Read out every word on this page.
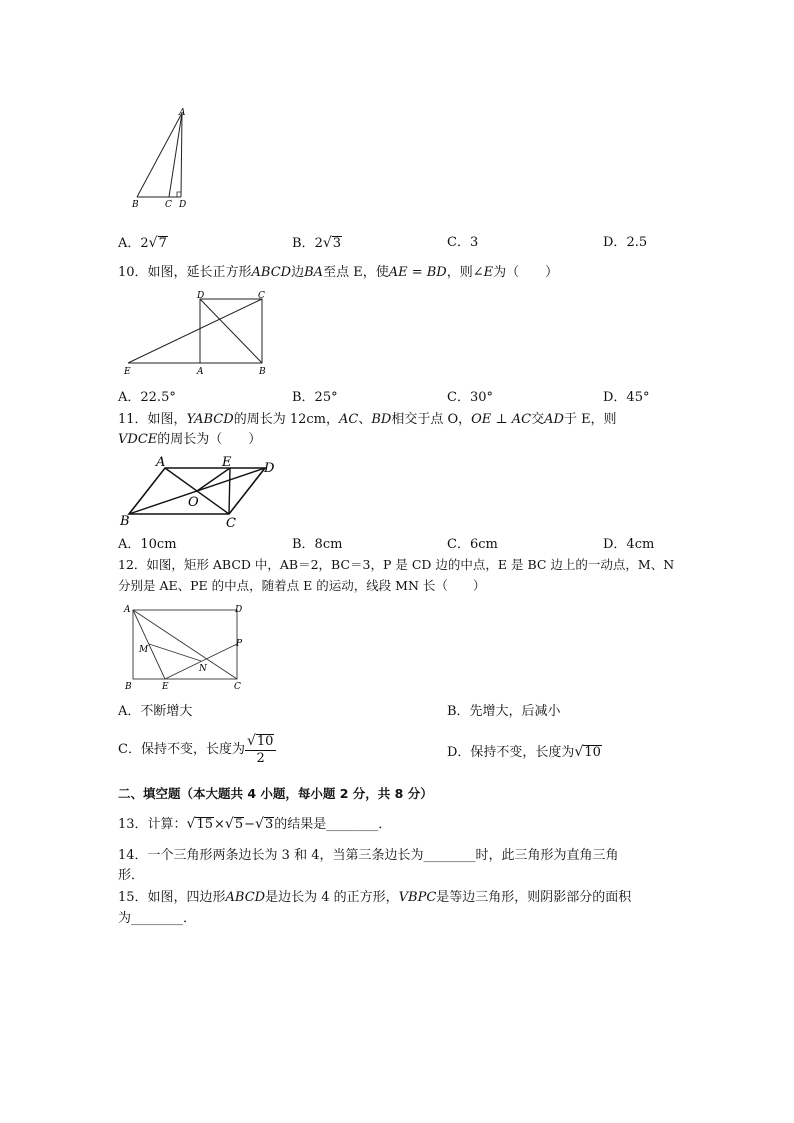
A
B	C D
A．2√7	B．2√3	C．3	D．2.5
10．如图，延长正方形ABCD边BA至点 E，使AE = BD，则∠E为（　　）
D	C
E	A	B
A．22.5°	B．25°	C．30°	D．45°
11．如图，YABCD的周长为 12cm，AC、BD相交于点 O，OE ⊥ AC交AD于 E，则
VDCE的周长为（　　）
A	E	D
O
B	C
A．10cm	B．8cm	C．6cm	D．4cm
12．如图，矩形 ABCD 中，AB＝2，BC＝3，P 是 CD 边的中点，E 是 BC 边上的一动点，M、N
分别是 AE、PE 的中点，随着点 E 的运动，线段 MN 长（　　）
A	D
P
M
N
B	E	C
A．不断增大	B．先增大，后减小
C．保持不变，长度为 $\frac{√10}{2}$	D．保持不变，长度为√10
二、填空题（本大题共 4 小题，每小题 2 分，共 8 分）
13．计算：√15×√5−√3的结果是________．
14．一个三角形两条边长为 3 和 4，当第三条边长为________时，此三角形为直角三角
形．
15．如图，四边形ABCD是边长为 4 的正方形，VBPC是等边三角形，则阴影部分的面积
为________．
